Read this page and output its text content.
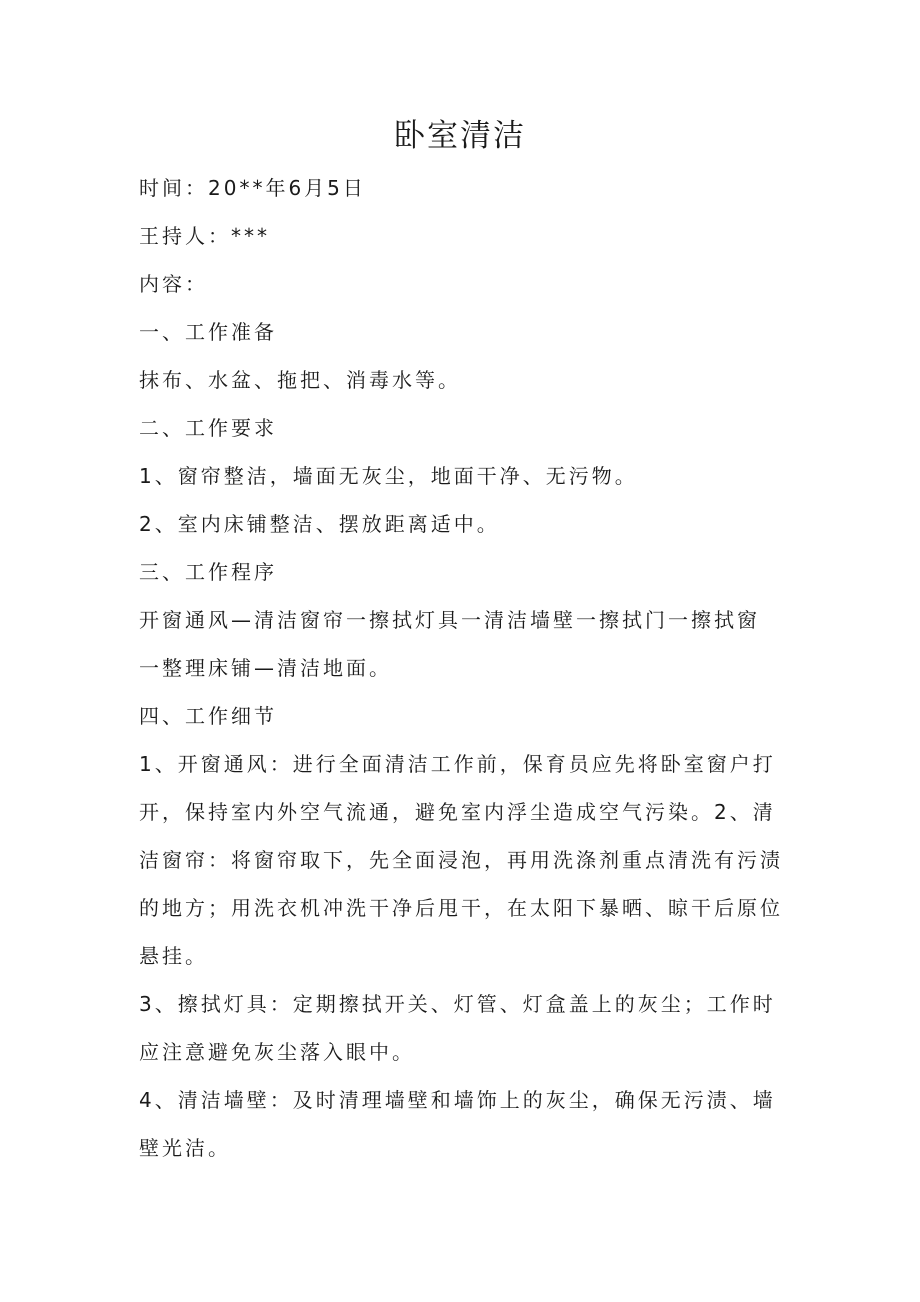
卧室清洁

时间：20**年6月5日

王持人：***

内容：

一、工作准备

抹布、水盆、拖把、消毒水等。

二、工作要求

1、窗帘整洁，墙面无灰尘，地面干净、无污物。

2、室内床铺整洁、摆放距离适中。

三、工作程序

开窗通风—清洁窗帘一擦拭灯具一清洁墙壁一擦拭门一擦拭窗

一整理床铺—清洁地面。

四、工作细节

1、开窗通风：进行全面清洁工作前，保育员应先将卧室窗户打开，保持室内外空气流通，避免室内浮尘造成空气污染。2、清洁窗帘：将窗帘取下，先全面浸泡，再用洗涤剂重点清洗有污渍的地方；用洗衣机冲洗干净后甩干，在太阳下暴晒、晾干后原位悬挂。

3、擦拭灯具：定期擦拭开关、灯管、灯盒盖上的灰尘；工作时应注意避免灰尘落入眼中。

4、清洁墙壁：及时清理墙壁和墙饰上的灰尘，确保无污渍、墙壁光洁。
